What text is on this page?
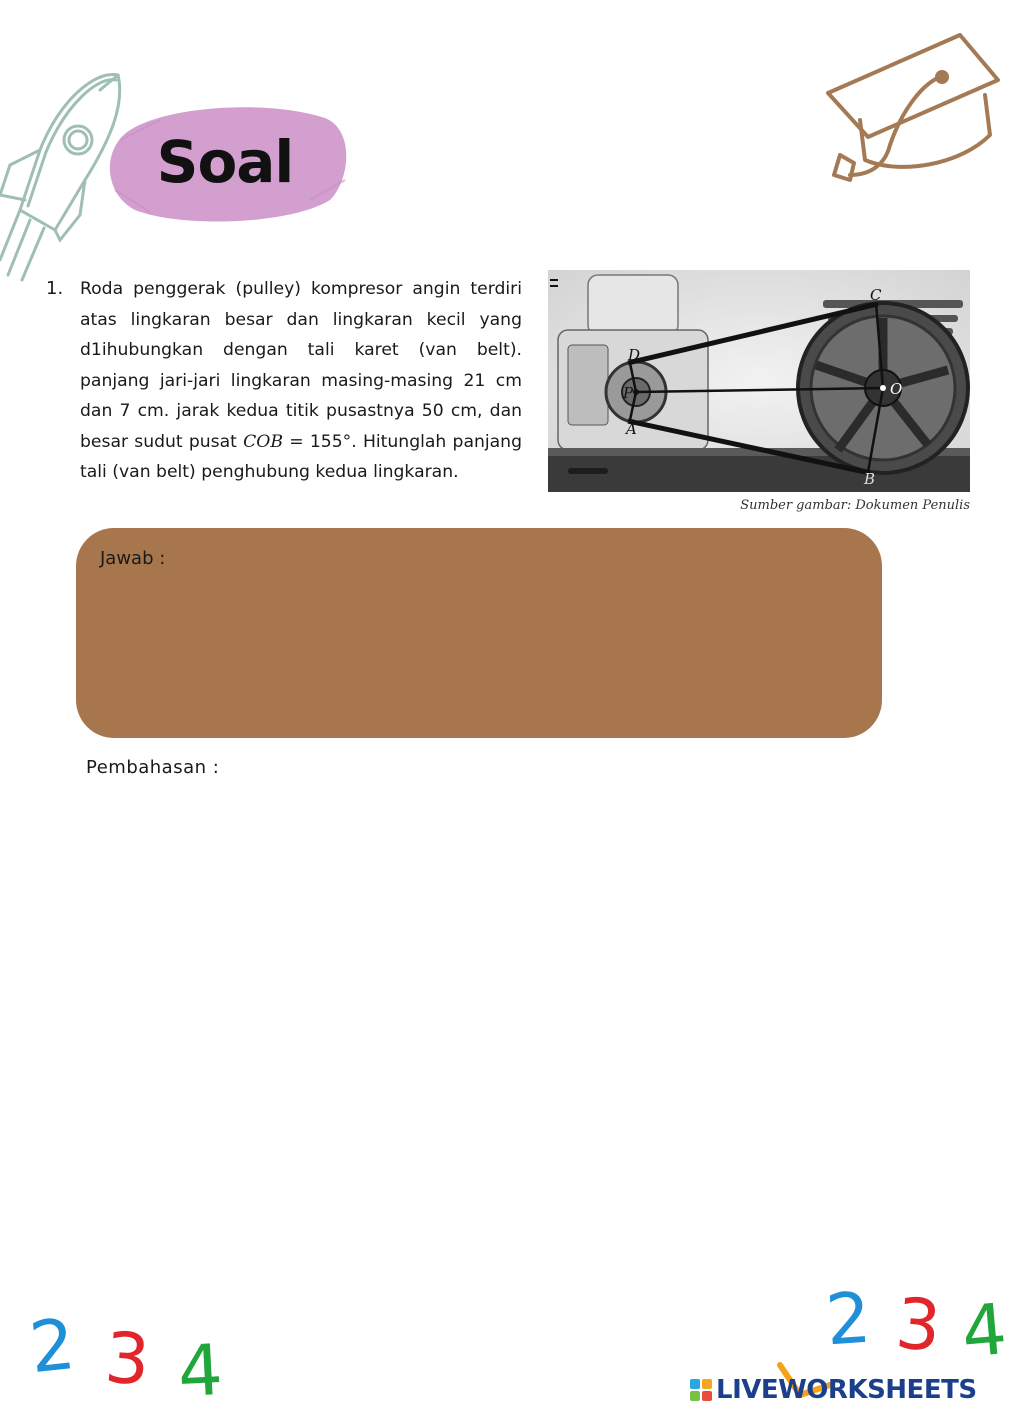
Soal
1. Roda penggerak (pulley) kompresor angin terdiri atas lingkaran besar dan lingkaran kecil yang d1ihubungkan dengan tali karet (van belt). panjang jari-jari lingkaran masing-masing 21 cm dan 7 cm. jarak kedua titik pusastnya 50 cm, dan besar sudut pusat COB = 155°. Hitunglah panjang tali (van belt) penghubung kedua lingkaran.
C
D
A
B
P	O
Sumber gambar: Dokumen Penulis
Jawab :
Pembahasan :
2 3 4
2 3 4
LIVEWORKSHEETS
